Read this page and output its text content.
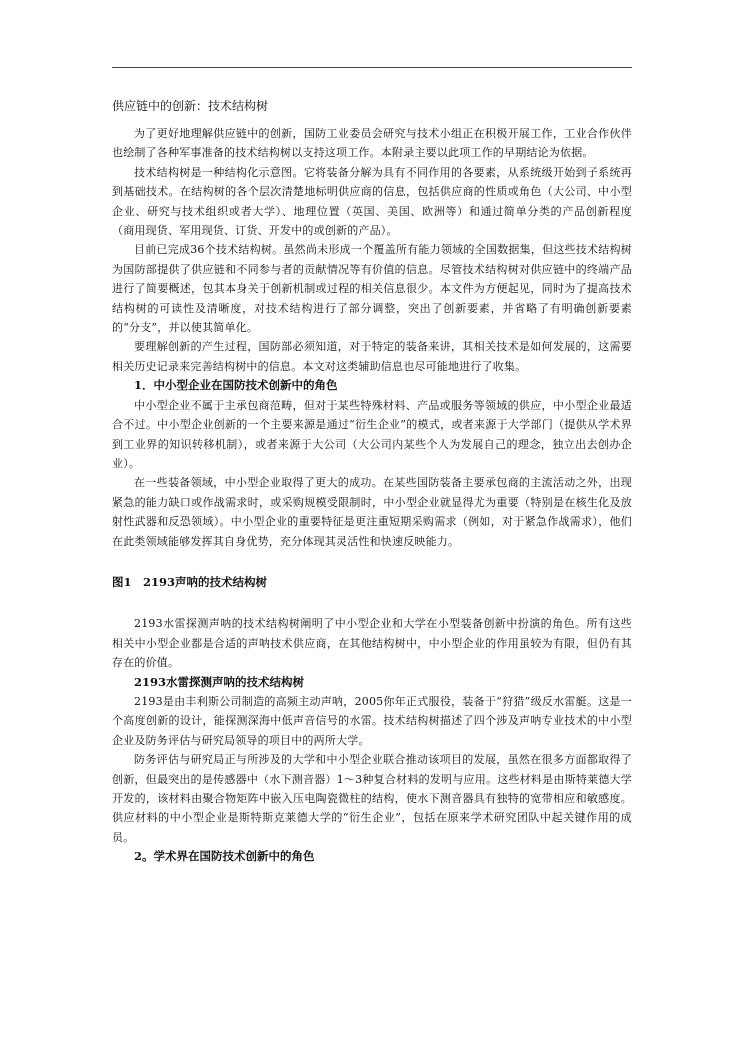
供应链中的创新：技术结构树

为了更好地理解供应链中的创新，国防工业委员会研究与技术小组正在积极开展工作，工业合作伙伴也绘制了各种军事准备的技术结构树以支持这项工作。本附录主要以此项工作的早期结论为依据。

技术结构树是一种结构化示意图。它将装备分解为具有不同作用的各要素，从系统级开始到子系统再到基础技术。在结构树的各个层次清楚地标明供应商的信息，包括供应商的性质或角色（大公司、中小型企业、研究与技术组织或者大学）、地理位置（英国、美国、欧洲等）和通过简单分类的产品创新程度（商用现货、军用现货、订货、开发中的或创新的产品）。

目前已完成36个技术结构树。虽然尚未形成一个覆盖所有能力领域的全国数据集，但这些技术结构树为国防部提供了供应链和不同参与者的贡献情况等有价值的信息。尽管技术结构树对供应链中的终端产品进行了简要概述，包其本身关于创新机制或过程的相关信息很少。本文件为方便起见，同时为了提高技术结构树的可读性及清晰度，对技术结构进行了部分调整，突出了创新要素，并省略了有明确创新要素的“分支”，并以使其简单化。

要理解创新的产生过程，国防部必须知道，对于特定的装备来讲，其相关技术是如何发展的，这需要相关历史记录来完善结构树中的信息。本文对这类辅助信息也尽可能地进行了收集。

1．中小型企业在国防技术创新中的角色

中小型企业不属于主承包商范畴，但对于某些特殊材料、产品或服务等领域的供应，中小型企业最适合不过。中小型企业创新的一个主要来源是通过“衍生企业”的模式，或者来源于大学部门（提供从学术界到工业界的知识转移机制），或者来源于大公司（大公司内某些个人为发展自己的理念，独立出去创办企业）。

在一些装备领域，中小型企业取得了更大的成功。在某些国防装备主要承包商的主流活动之外，出现紧急的能力缺口或作战需求时，或采购规模受限制时，中小型企业就显得尤为重要（特别是在核生化及放射性武器和反恐领域）。中小型企业的重要特征是更注重短期采购需求（例如，对于紧急作战需求），他们在此类领域能够发挥其自身优势，充分体现其灵活性和快速反映能力。

图1　2193声呐的技术结构树

2193水雷探测声呐的技术结构树阐明了中小型企业和大学在小型装备创新中扮演的角色。所有这些相关中小型企业都是合适的声呐技术供应商，在其他结构树中，中小型企业的作用虽较为有限，但仍有其存在的价值。

2193水雷探测声呐的技术结构树

2193是由丰利斯公司制造的高频主动声呐，2005你年正式服役，装备于“狩猎”级反水雷艇。这是一个高度创新的设计，能探测深海中低声音信号的水雷。技术结构树描述了四个涉及声呐专业技术的中小型企业及防务评估与研究局领导的项目中的两所大学。

防务评估与研究局正与所涉及的大学和中小型企业联合推动该项目的发展，虽然在很多方面都取得了创新，但最突出的是传感器中（水下测音器）1～3种复合材料的发明与应用。这些材料是由斯特莱德大学开发的，该材料由聚合物矩阵中嵌入压电陶瓷微柱的结构，使水下测音器具有独特的宽带相应和敏感度。供应材料的中小型企业是斯特斯克莱德大学的“衍生企业”，包括在原来学术研究团队中起关键作用的成员。

2。学术界在国防技术创新中的角色
